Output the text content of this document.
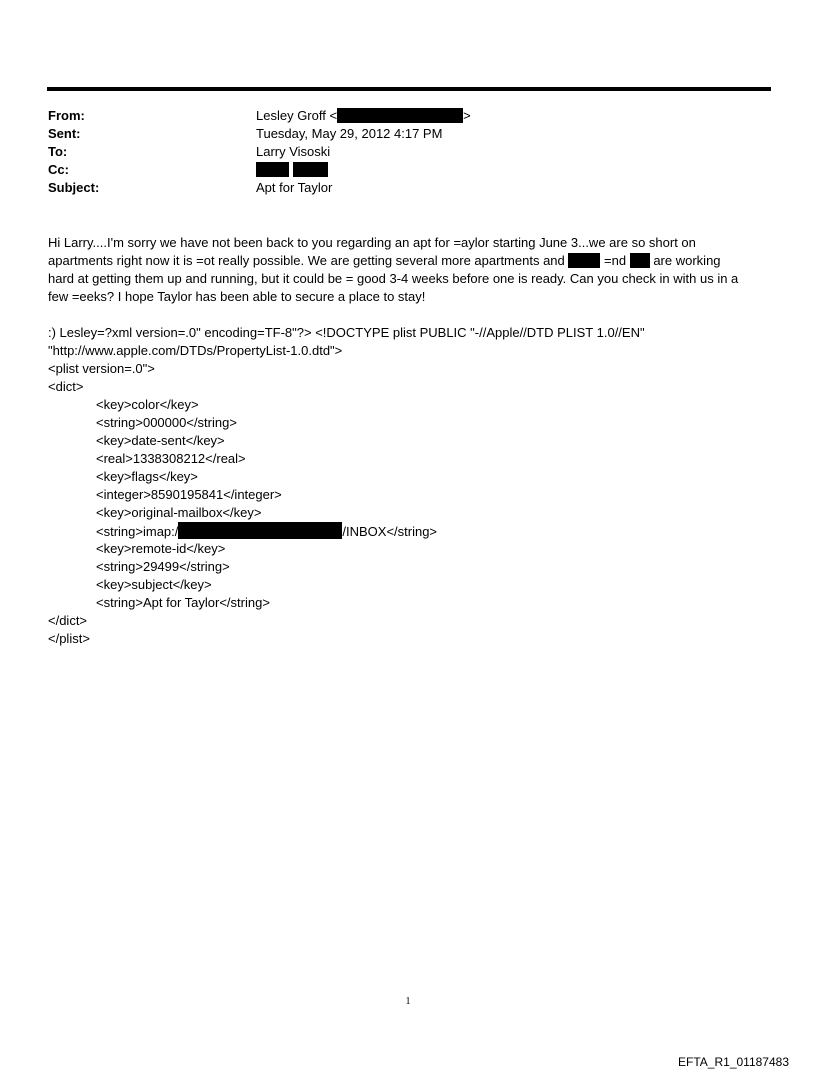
From:	Lesley Groff <	>
Sent:	Tuesday, May 29, 2012 4:17 PM
To:	Larry Visoski
Cc:

Subject:	Apt for Taylor
Hi Larry....I'm sorry we have not been back to you regarding an apt for =aylor starting June 3...we are so short on
apartments right now it is =ot really possible. We are getting several more apartments and	=nd are working
hard at getting them up and running, but it could be = good 3-4 weeks before one is ready. Can you check in with us in a
few =eeks? I hope Taylor has been able to secure a place to stay!
:) Lesley=?xml version=.0" encoding=TF-8"?> <!DOCTYPE plist PUBLIC "-//Apple//DTD PLIST 1.0//EN"
"http://www.apple.com/DTDs/PropertyList-1.0.dtd">
<plist version=.0">
<dict>
<key>color</key>
<string>000000</string>
<key>date-sent</key>
<real>1338308212</real>
<key>flags</key>
<integer>8590195841</integer>
<key>original-mailbox</key>
<string>imap:/	/INBOX</string>
<key>remote-id</key>
<string>29499</string>
<key>subject</key>
<string>Apt for Taylor</string>
</dict>
</plist>
1
EFTA_R1_01187483
